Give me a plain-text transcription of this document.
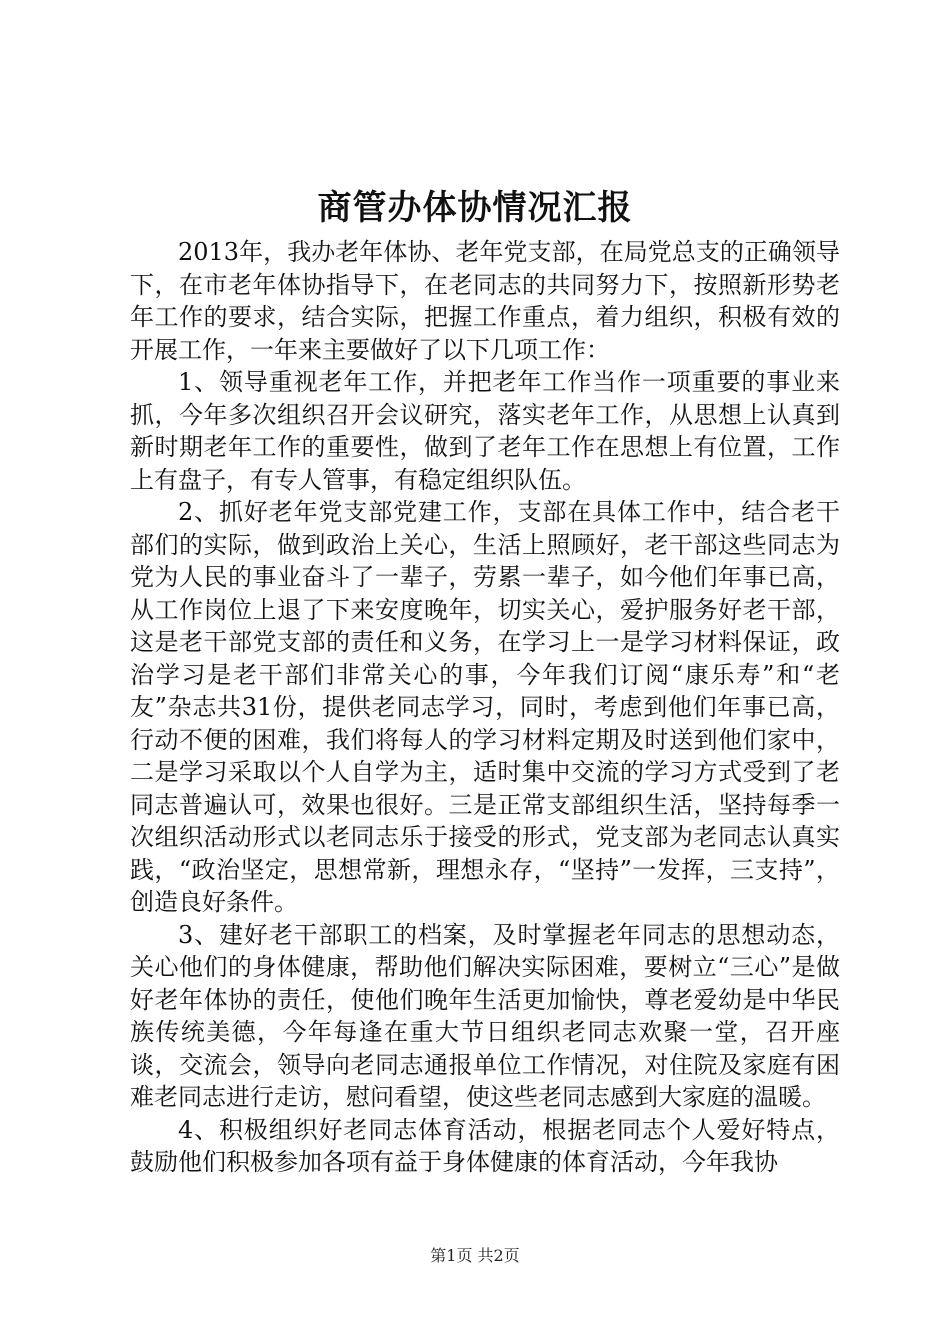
商管办体协情况汇报

2013年，我办老年体协、老年党支部，在局党总支的正确领导下，在市老年体协指导下，在老同志的共同努力下，按照新形势老年工作的要求，结合实际，把握工作重点，着力组织，积极有效的开展工作，一年来主要做好了以下几项工作：

1、领导重视老年工作，并把老年工作当作一项重要的事业来抓，今年多次组织召开会议研究，落实老年工作，从思想上认真到新时期老年工作的重要性，做到了老年工作在思想上有位置，工作上有盘子，有专人管事，有稳定组织队伍。

2、抓好老年党支部党建工作，支部在具体工作中，结合老干部们的实际，做到政治上关心，生活上照顾好，老干部这些同志为党为人民的事业奋斗了一辈子，劳累一辈子，如今他们年事已高，从工作岗位上退了下来安度晚年，切实关心，爱护服务好老干部，这是老干部党支部的责任和义务，在学习上一是学习材料保证，政治学习是老干部们非常关心的事，今年我们订阅“康乐寿”和“老友”杂志共31份，提供老同志学习，同时，考虑到他们年事已高，行动不便的困难，我们将每人的学习材料定期及时送到他们家中，二是学习采取以个人自学为主，适时集中交流的学习方式受到了老同志普遍认可，效果也很好。三是正常支部组织生活，坚持每季一次组织活动形式以老同志乐于接受的形式，党支部为老同志认真实践，“政治坚定，思想常新，理想永存，“坚持”一发挥，三支持”，创造良好条件。

3、建好老干部职工的档案，及时掌握老年同志的思想动态，关心他们的身体健康，帮助他们解决实际困难，要树立“三心”是做好老年体协的责任，使他们晚年生活更加愉快，尊老爱幼是中华民族传统美德，今年每逢在重大节日组织老同志欢聚一堂，召开座谈，交流会，领导向老同志通报单位工作情况，对住院及家庭有困难老同志进行走访，慰问看望，使这些老同志感到大家庭的温暖。

4、积极组织好老同志体育活动，根据老同志个人爱好特点，鼓励他们积极参加各项有益于身体健康的体育活动，今年我协

第1页 共2页
